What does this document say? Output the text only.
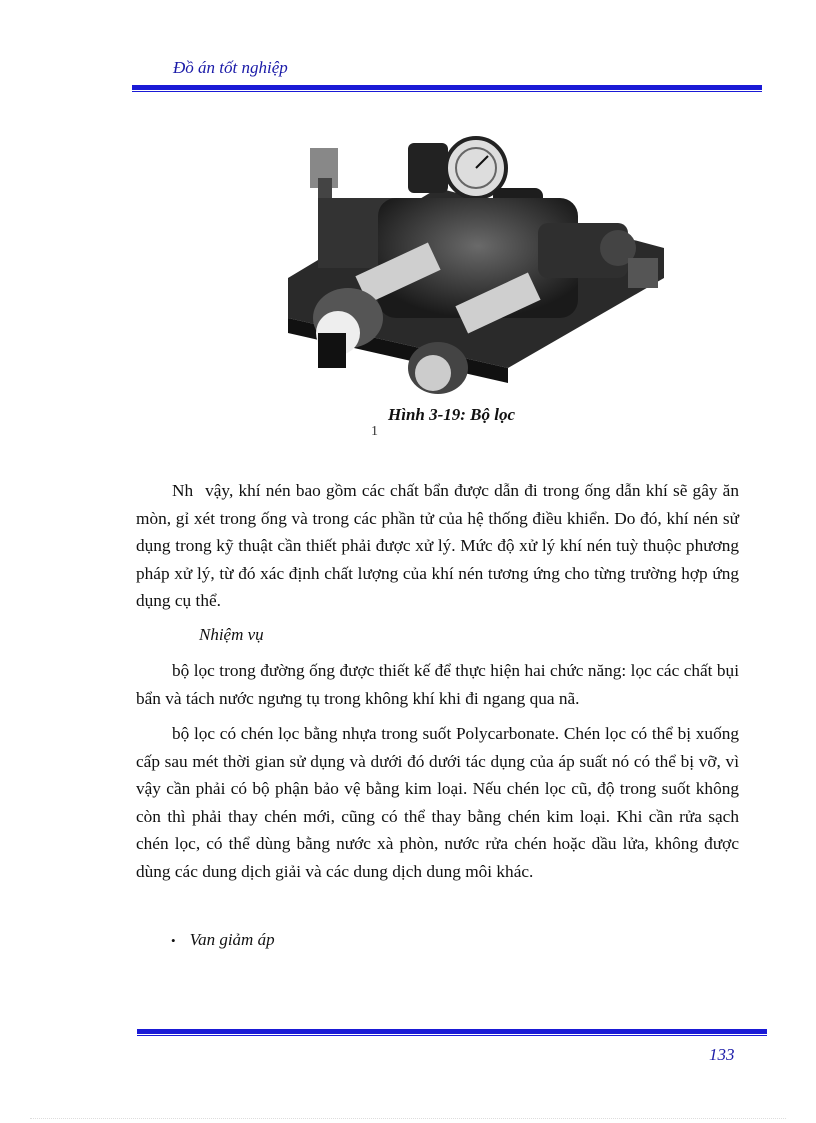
Đồ án tốt nghiệp
Hình 3-19: Bộ lọc
1

Nh vậy, khí nén bao gồm các chất bẩn được dẫn đi trong ống dẫn khí sẽ gây ăn mòn, gỉ xét trong ống và trong các phần tử của hệ thống điều khiển. Do đó, khí nén sử dụng trong kỹ thuật cần thiết phải được xử lý. Mức độ xử lý khí nén tuỳ thuộc phương pháp xử lý, từ đó xác định chất lượng của khí nén tương ứng cho từng trường hợp ứng dụng cụ thể.

Nhiệm vụ

bộ lọc trong đường ống được thiết kế để thực hiện hai chức năng: lọc các chất bụi bẩn và tách nước ngưng tụ trong không khí khi đi ngang qua nã.

bộ lọc có chén lọc bằng nhựa trong suốt Polycarbonate. Chén lọc có thể bị xuống cấp sau mét thời gian sử dụng và dưới đó dưới tác dụng của áp suất nó có thể bị vỡ, vì vậy cần phải có bộ phận bảo vệ bằng kim loại. Nếu chén lọc cũ, độ trong suốt không còn thì phải thay chén mới, cũng có thể thay bằng chén kim loại. Khi cần rửa sạch chén lọc, có thể dùng bằng nước xà phòn, nước rửa chén hoặc dầu lửa, không được dùng các dung dịch giải và các dung dịch dung môi khác.

• Van giảm áp
133
